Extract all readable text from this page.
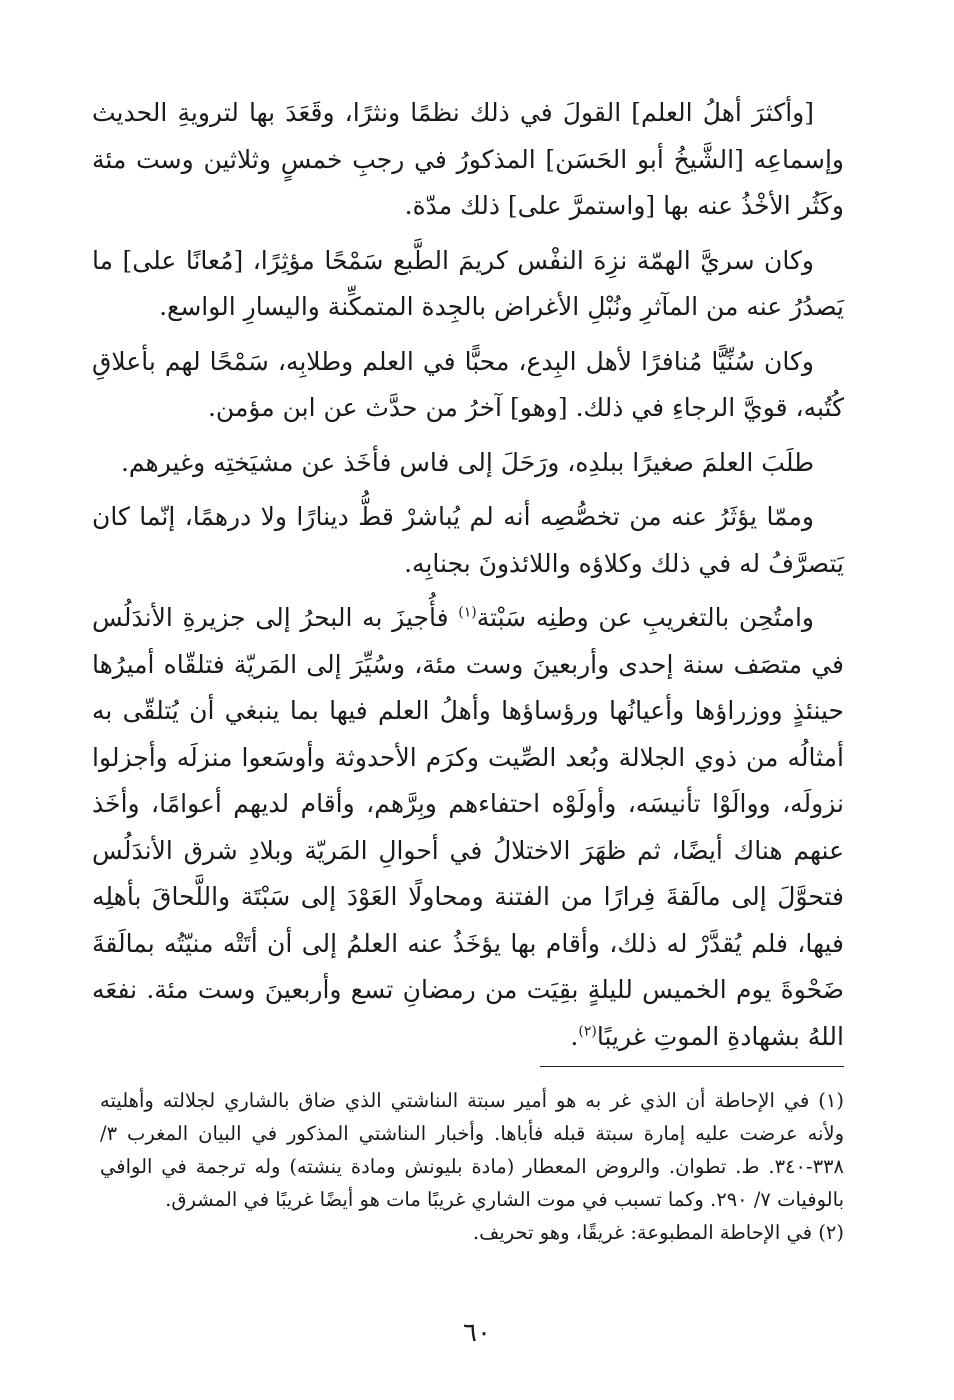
[وأكثرَ أهلُ العلم] القولَ في ذلك نظمًا ونثرًا، وقَعَدَ بها لترويةِ الحديث وإسماعِه [الشَّيخُ أبو الحَسَن] المذكورُ في رجبِ خمسٍ وثلاثين وست مئة وكَثُر الأخْذُ عنه بها [واستمرَّ على] ذلك مدّة.

وكان سريَّ الهمّة نزِهَ النفْس كريمَ الطَّبع سَمْحًا مؤثِرًا، [مُعانًا على] ما يَصدُرُ عنه من المآثرِ ونُبْلِ الأغراض بالجِدة المتمكِّنة واليسارِ الواسع.

وكان سُنِّيًّا مُنافرًا لأهل البِدع، محبًّا في العلم وطلابِه، سَمْحًا لهم بأعلاقِ كُتُبه، قويَّ الرجاءِ في ذلك. [وهو] آخرُ من حدَّث عن ابن مؤمن.

طلَبَ العلمَ صغيرًا ببلدِه، ورَحَلَ إلى فاس فأخَذ عن مشيَختِه وغيرهم.

وممّا يؤثَرُ عنه من تخصُّصِه أنه لم يُباشرْ قطُّ دينارًا ولا درهمًا، إنّما كان يَتصرَّفُ له في ذلك وكلاؤه واللائذونَ بجنابِه.

وامتُحِن بالتغريبِ عن وطنِه سَبْتة$^{(١)}$ فأُجيزَ به البحرُ إلى جزيرةِ الأندَلُس في متصَف سنة إحدى وأربعينَ وست مئة، وسُيِّرَ إلى المَريّة فتلقّاه أميرُها حينئذٍ ووزراؤها وأعيانُها ورؤساؤها وأهلُ العلم فيها بما ينبغي أن يُتلقّى به أمثالُه من ذوي الجلالة وبُعد الصِّيت وكرَم الأحدوثة وأوسَعوا منزلَه وأجزلوا نزولَه، ووالَوْا تأنيسَه، وأولَوْه احتفاءهم وبِرَّهم، وأقام لديهم أعوامًا، وأخَذ عنهم هناك أيضًا، ثم ظهَرَ الاختلالُ في أحوالِ المَريّة وبلادِ شرق الأندَلُس فتحوَّلَ إلى مالَقةَ فِرارًا من الفتنة ومحاولًا العَوْدَ إلى سَبْتَة واللَّحاقَ بأهلِه فيها، فلم يُقدَّرْ له ذلك، وأقام بها يؤخَذُ عنه العلمُ إلى أن أتَتْه منيّتُه بمالَقةَ ضَحْوةَ يوم الخميس لليلةٍ بقِيَت من رمضانِ تسع وأربعينَ وست مئة. نفعَه اللهُ بشهادةِ الموتِ غريبًا$^{(٢)}$.

(١) في الإحاطة أن الذي غر به هو أمير سبتة الىناشتي الذي ضاق بالشاري لجلالته وأهليته ولأنه عرضت عليه إمارة سبتة قبله فأباها. وأخبار الىناشتي المذكور في البيان المغرب ٣/ ٣٣٨-٣٤٠. ط. تطوان. والروض المعطار (مادة بليونش ومادة ينشته) وله ترجمة في الوافي بالوفيات ٧/ ٢٩٠. وكما تسبب في موت الشاري غريبًا مات هو أيضًا غريبًا في المشرق.

(٢) في الإحاطة المطبوعة: غريقًا، وهو تحريف.

٦٠
